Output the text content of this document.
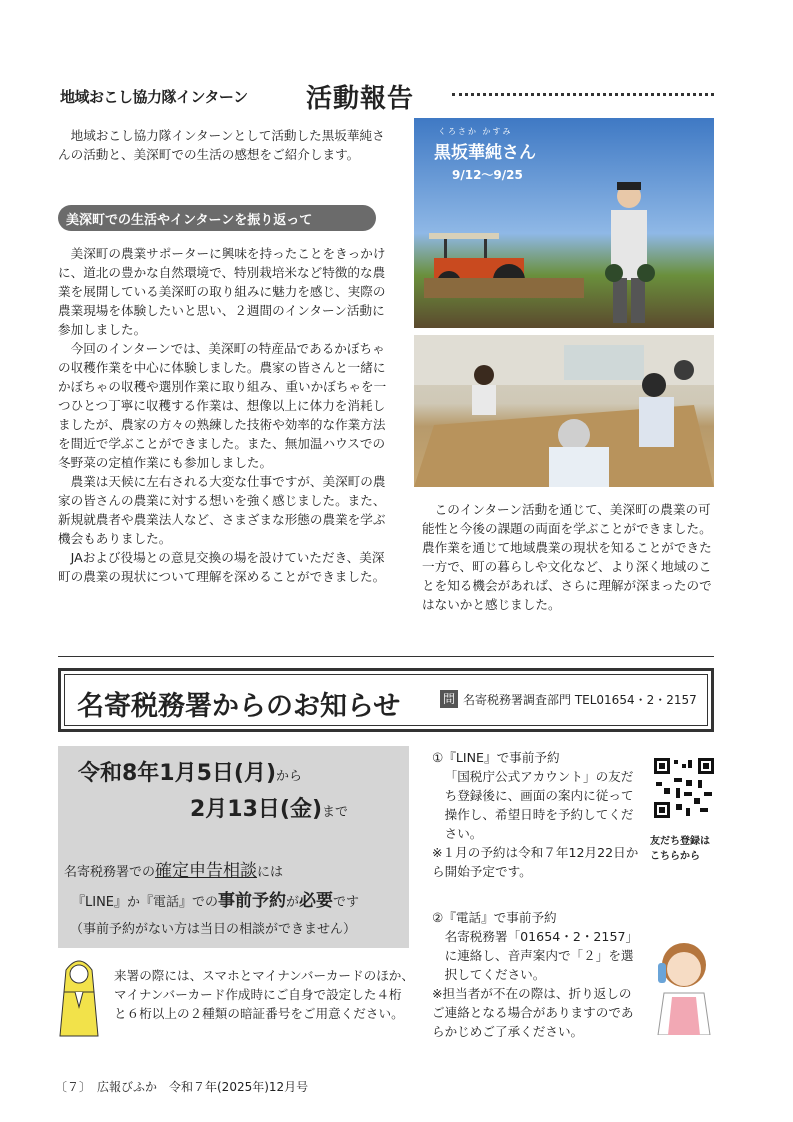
地域おこし協力隊インターン 活動報告
地域おこし協力隊インターンとして活動した黒坂華純さんの活動と、美深町での生活の感想をご紹介します。
美深町での生活やインターンを振り返って

美深町の農業サポーターに興味を持ったことをきっかけに、道北の豊かな自然環境で、特別栽培米など特徴的な農業を展開している美深町の取り組みに魅力を感じ、実際の農業現場を体験したいと思い、２週間のインターン活動に参加しました。

今回のインターンでは、美深町の特産品であるかぼちゃの収穫作業を中心に体験しました。農家の皆さんと一緒にかぼちゃの収穫や選別作業に取り組み、重いかぼちゃを一つひとつ丁寧に収穫する作業は、想像以上に体力を消耗しましたが、農家の方々の熟練した技術や効率的な作業方法を間近で学ぶことができました。また、無加温ハウスでの冬野菜の定植作業にも参加しました。

農業は天候に左右される大変な仕事ですが、美深町の農家の皆さんの農業に対する想いを強く感じました。また、新規就農者や農業法人など、さまざまな形態の農業を学ぶ機会もありました。

JAおよび役場との意見交換の場を設けていただき、美深町の農業の現状について理解を深めることができました。

くろさか かすみ
黒坂華純さん
9/12～9/25
このインターン活動を通じて、美深町の農業の可能性と今後の課題の両面を学ぶことができました。農作業を通じて地域農業の現状を知ることができた一方で、町の暮らしや文化など、より深く地域のことを知る機会があれば、さらに理解が深まったのではないかと感じました。
名寄税務署からのお知らせ	問 名寄税務署調査部門 TEL01654・2・2157
令和8年1月5日(月)から
2月13日(金)まで
名寄税務署での確定申告相談には
『LINE』か『電話』での事前予約が必要です
（事前予約がない方は当日の相談ができません）
来署の際には、スマホとマイナンバーカードのほか、マイナンバーカード作成時にご自身で設定した４桁と６桁以上の２種類の暗証番号をご用意ください。
①『LINE』で事前予約
「国税庁公式アカウント」の友だち登録後に、画面の案内に従って操作し、希望日時を予約してください。
※１月の予約は令和７年12月22日から開始予定です。
友だち登録は
こちらから
②『電話』で事前予約
名寄税務署「01654・2・2157」に連絡し、音声案内で「２」を選択してください。
※担当者が不在の際は、折り返しのご連絡となる場合がありますのであらかじめご了承ください。
〔７〕　広報びふか　令和７年(2025年)12月号
